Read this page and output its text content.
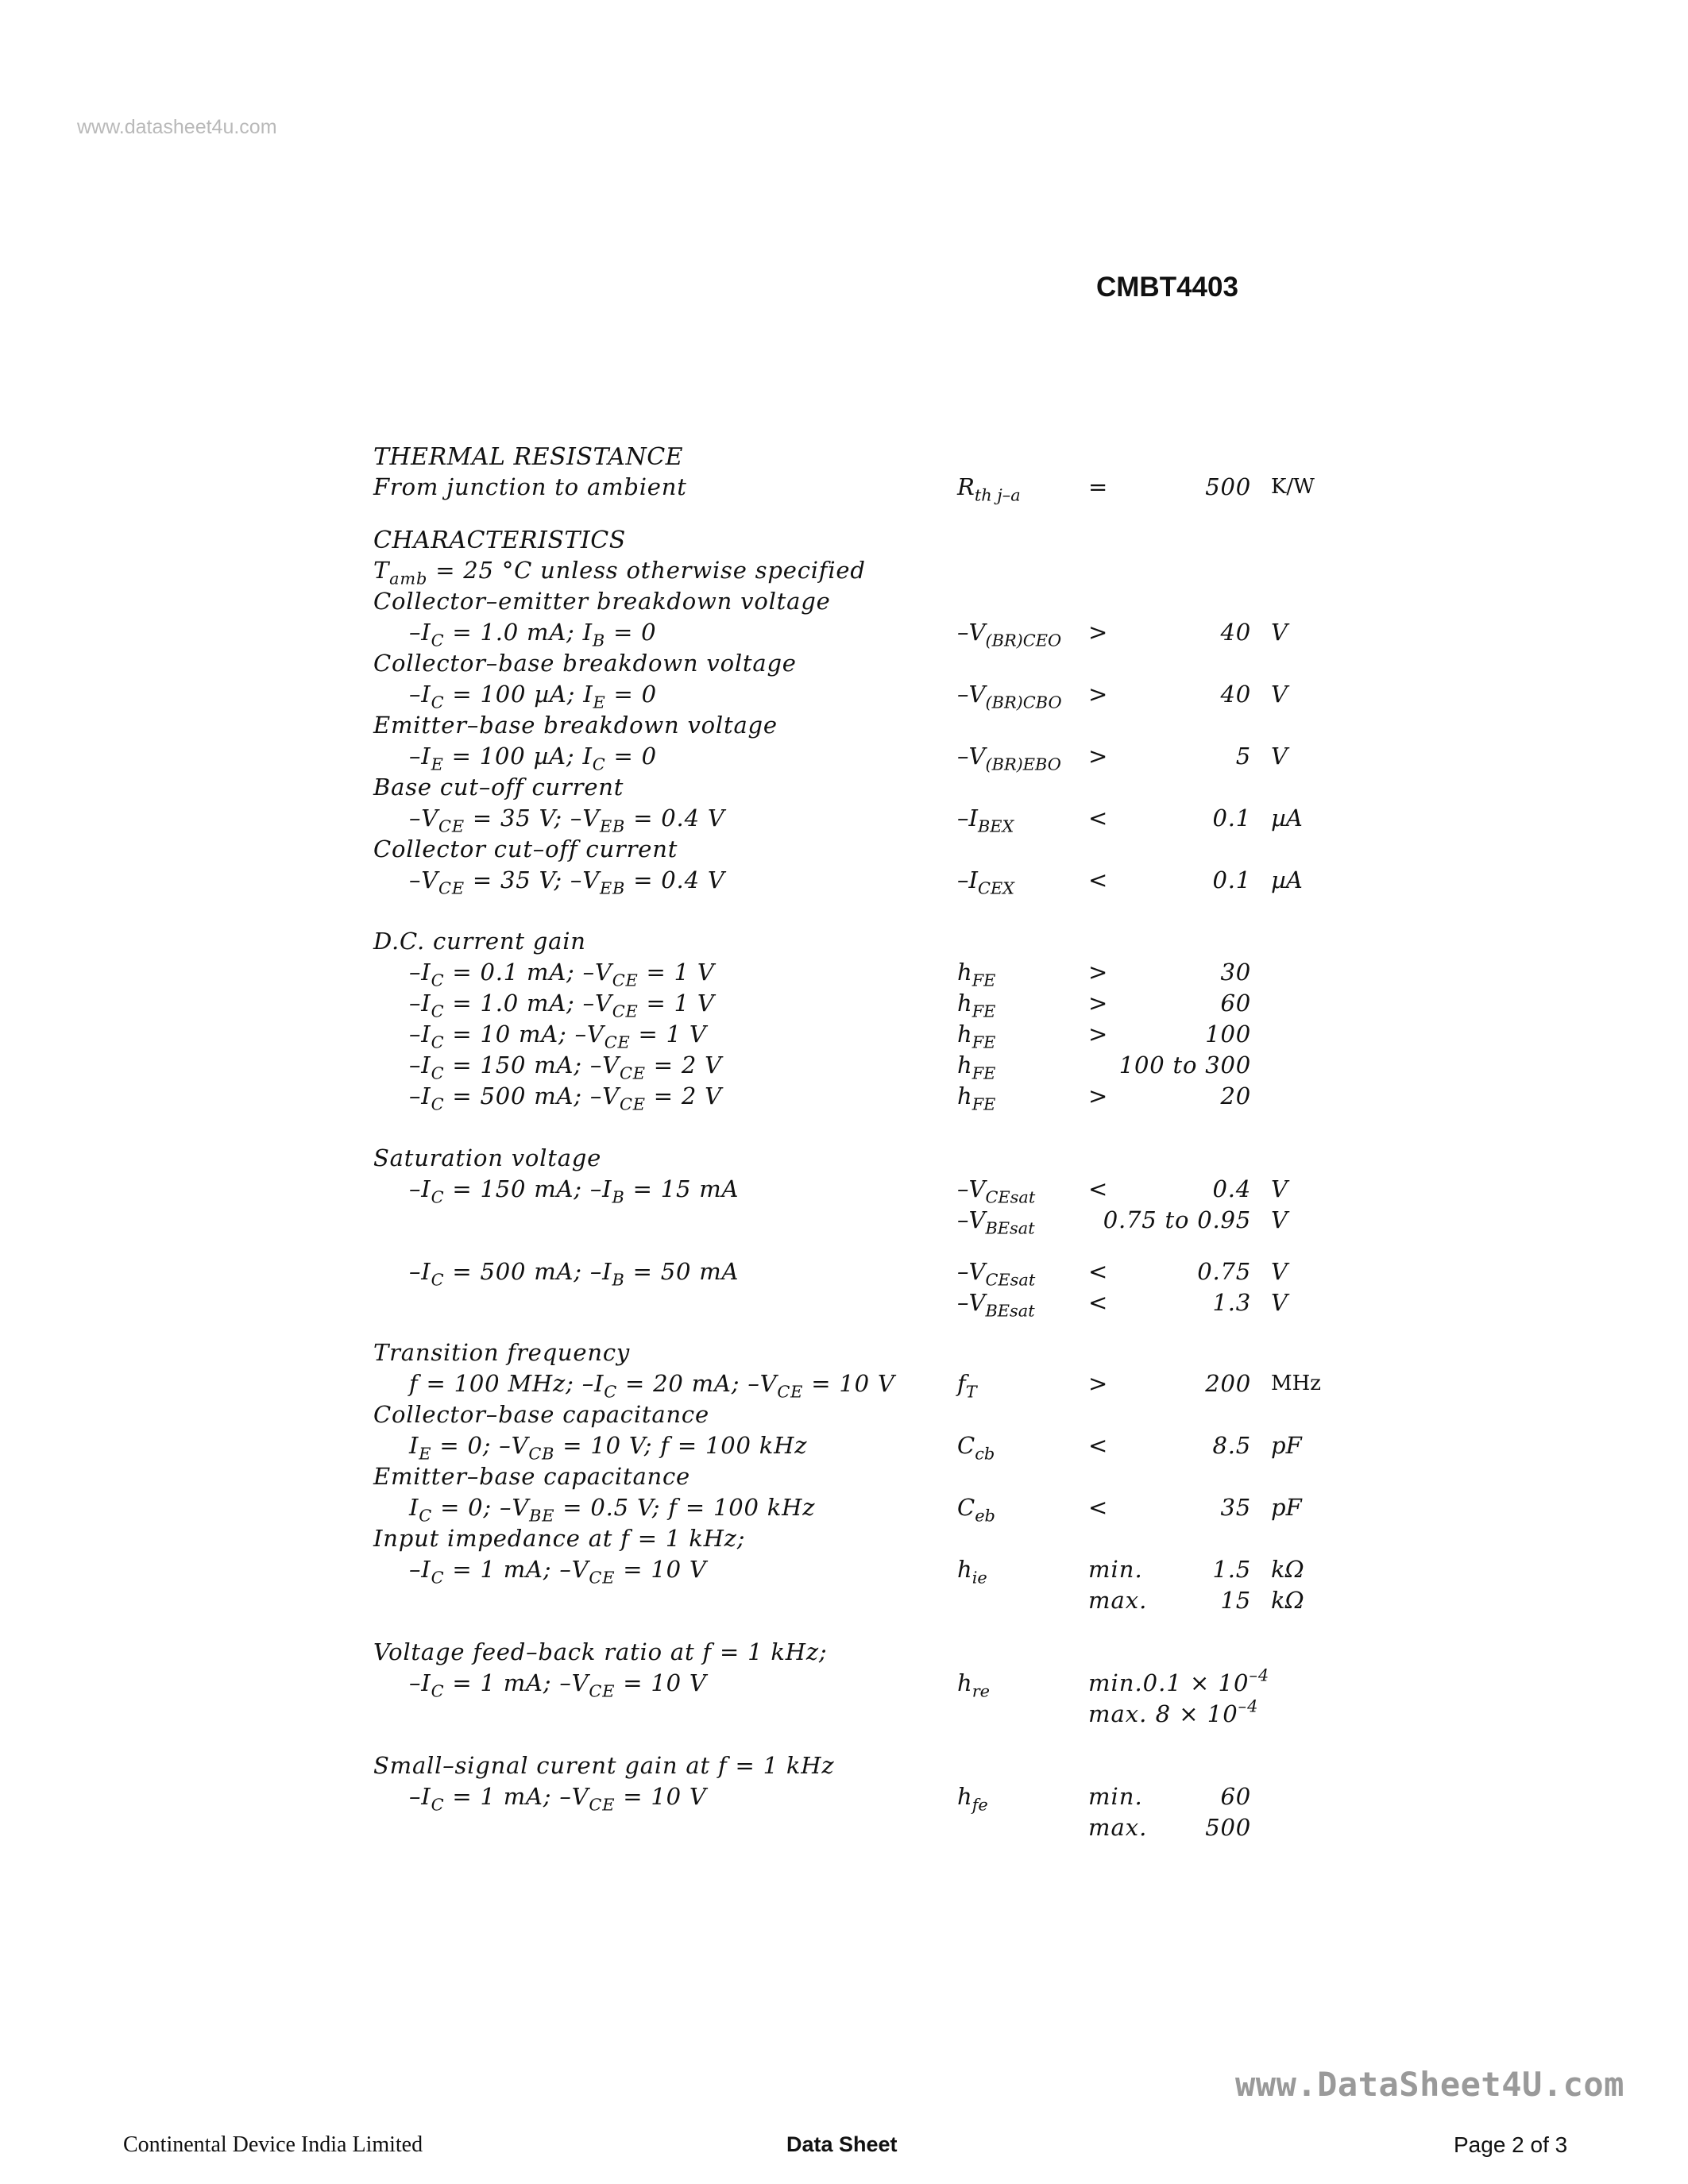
www.datasheet4u.com
CMBT4403
THERMAL RESISTANCE
From junction to ambient	$R_{th j-a}$	=	500 K/W
CHARACTERISTICS
$T_{amb} = 25$ °C unless otherwise specified
Collector–emitter breakdown voltage
$-I_C = 1.0$ mA; $I_B = 0$	$-V_{(BR)CEO}$ >	40 V
Collector–base breakdown voltage
$-I_C = 100$ µA; $I_E = 0$	$-V_{(BR)CBO}$ >	40 V
Emitter–base breakdown voltage
$-I_E = 100$ µA; $I_C = 0$	$-V_{(BR)EBO}$ >	5 V
Base cut–off current
$-V_{CE} = 35$ V; $-V_{EB} = 0.4$ V	$-I_{BEX}$	<	0.1 µA
Collector cut–off current
$-V_{CE} = 35$ V; $-V_{EB} = 0.4$ V	$-I_{CEX}$	<	0.1 µA
D.C. current gain
$-I_C = 0.1$ mA; $-V_{CE} = 1$ V	$h_{FE}$	>	30
$-I_C = 1.0$ mA; $-V_{CE} = 1$ V	$h_{FE}$	>	60
$-I_C = 10$ mA; $-V_{CE} = 1$ V	$h_{FE}$	>	100
$-I_C = 150$ mA; $-V_{CE} = 2$ V	$h_{FE}$	100 to 300
$-I_C = 500$ mA; $-V_{CE} = 2$ V	$h_{FE}$	>	20
Saturation voltage
$-I_C = 150$ mA; $-I_B = 15$ mA	$-V_{CEsat}$ <	0.4 V
$-V_{BEsat}$	0.75 to 0.95 V
$-I_C = 500$ mA; $-I_B = 50$ mA	$-V_{CEsat}$ <	0.75 V
$-V_{BEsat}$ <	1.3 V
Transition frequency
f = 100 MHz; $-I_C = 20$ mA; $-V_{CE} = 10$ V	$f_T$	>	200 MHz
Collector–base capacitance
$I_E = 0$; $-V_{CB} = 10$ V; f = 100 kHz	$C_{cb}$	<	8.5 pF
Emitter–base capacitance
$I_C = 0$; $-V_{BE} = 0.5$ V; f = 100 kHz	$C_{eb}$	<	35 pF
Input impedance at f = 1 kHz;
$-I_C = 1$ mA; $-V_{CE} = 10$ V	$h_{ie}$	min.	1.5 kΩ
max.	15 kΩ
Voltage feed–back ratio at f = 1 kHz;
$-I_C = 1$ mA; $-V_{CE} = 10$ V	$h_{re}$	$\min.0.1 \times 10^{-4}$
max. $8 \times 10^{-4}$
Small–signal curent gain at f = 1 kHz
$-I_C = 1$ mA; $-V_{CE} = 10$ V	$h_{fe}$	min.	60
max.	500
www.DataSheet4U.com
Continental Device India Limited	Data Sheet	Page 2 of 3
